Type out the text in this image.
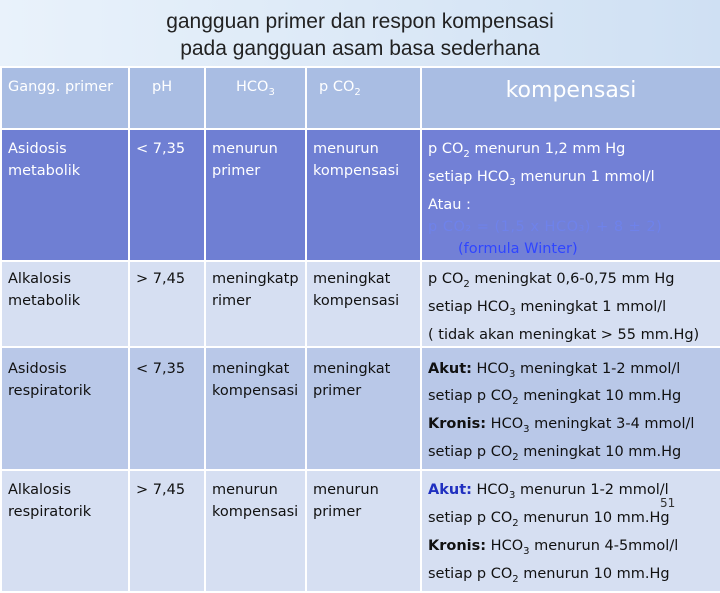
gangguan primer dan respon kompensasi
pada gangguan asam basa sederhana
Gangg. primer	pH	$HCO_3$	p $CO_2$	kompensasi
Asidosis metabolik	< 7,35	menurun primer	menurun kompensasi	p $CO_2$ menurun 1,2 mm Hg
setiap $HCO_3$ menurun 1 mmol/l
Atau :
p CO₂ = (1,5 x HCO₃) + 8 ± 2)
(formula Winter)

Alkalosis metabolik	> 7,45	meningkatp rimer	meningkat kompensasi	p $CO_2$ meningkat 0,6-0,75 mm Hg
setiap $HCO_3$ meningkat 1 mmol/l
( tidak akan meningkat > 55 mm.Hg)

Asidosis respiratorik	< 7,35	meningkat kompensasi	meningkat primer	Akut: $HCO_3$ meningkat 1-2 mmol/l
setiap p $CO_2$ meningkat 10 mm.Hg
Kronis: $HCO_3$ meningkat 3-4 mmol/l
setiap p $CO_2$ meningkat 10 mm.Hg

Alkalosis respiratorik	> 7,45	menurun kompensasi	menurun primer	Akut: $HCO_3$ menurun 1-2 mmol/l
setiap p $CO_2$ menurun 10 mm.Hg
Kronis: $HCO_3$ menurun 4-5mmol/l
setiap p $CO_2$ menurun 10 mm.Hg
51
